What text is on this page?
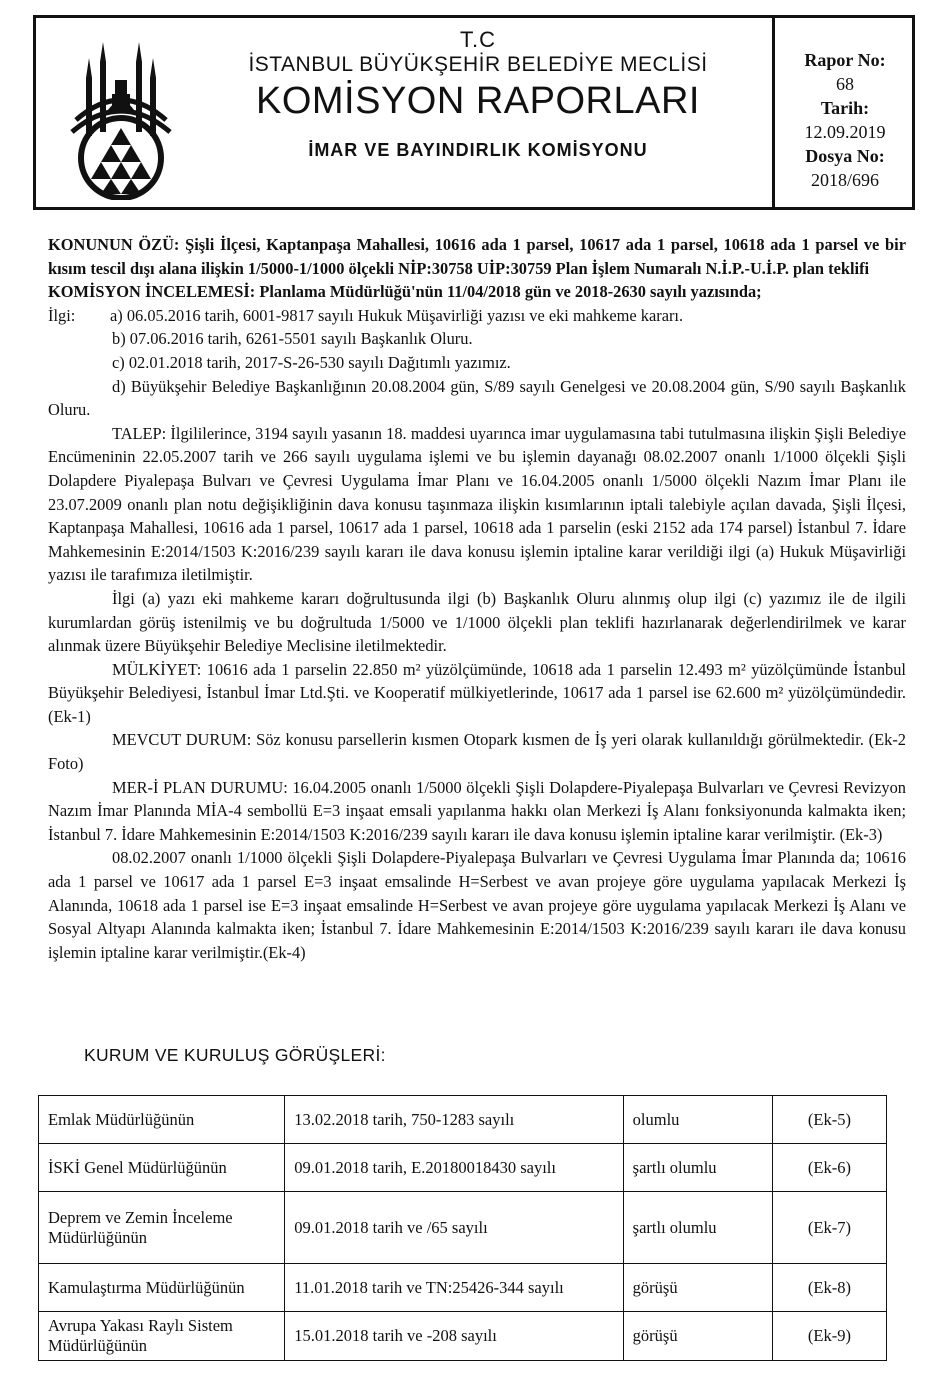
T.C
İSTANBUL BÜYÜKŞEHİR BELEDİYE MECLİSİ
KOMİSYON RAPORLARI
İMAR VE BAYINDIRLIK KOMİSYONU
Rapor No:
68
Tarih:
12.09.2019
Dosya No:
2018/696

KONUNUN ÖZÜ: Şişli İlçesi, Kaptanpaşa Mahallesi, 10616 ada 1 parsel, 10617 ada 1 parsel, 10618 ada 1 parsel ve bir kısım tescil dışı alana ilişkin 1/5000-1/1000 ölçekli NİP:30758 UİP:30759 Plan İşlem Numaralı N.İ.P.-U.İ.P. plan teklifi

KOMİSYON İNCELEMESİ: Planlama Müdürlüğü'nün 11/04/2018 gün ve 2018-2630 sayılı yazısında;

İlgi:	a) 06.05.2016 tarih, 6001-9817 sayılı Hukuk Müşavirliği yazısı ve eki mahkeme kararı.

b) 07.06.2016 tarih, 6261-5501 sayılı Başkanlık Oluru.

c) 02.01.2018 tarih, 2017-S-26-530 sayılı Dağıtımlı yazımız.

d) Büyükşehir Belediye Başkanlığının 20.08.2004 gün, S/89 sayılı Genelgesi ve 20.08.2004 gün, S/90 sayılı Başkanlık Oluru.

TALEP: İlgililerince, 3194 sayılı yasanın 18. maddesi uyarınca imar uygulamasına tabi tutulmasına ilişkin Şişli Belediye Encümeninin 22.05.2007 tarih ve 266 sayılı uygulama işlemi ve bu işlemin dayanağı 08.02.2007 onanlı 1/1000 ölçekli Şişli Dolapdere Piyalepaşa Bulvarı ve Çevresi Uygulama İmar Planı ve 16.04.2005 onanlı 1/5000 ölçekli Nazım İmar Planı ile 23.07.2009 onanlı plan notu değişikliğinin dava konusu taşınmaza ilişkin kısımlarının iptali talebiyle açılan davada, Şişli İlçesi, Kaptanpaşa Mahallesi, 10616 ada 1 parsel, 10617 ada 1 parsel, 10618 ada 1 parselin (eski 2152 ada 174 parsel) İstanbul 7. İdare Mahkemesinin E:2014/1503 K:2016/239 sayılı kararı ile dava konusu işlemin iptaline karar verildiği ilgi (a) Hukuk Müşavirliği yazısı ile tarafımıza iletilmiştir.

İlgi (a) yazı eki mahkeme kararı doğrultusunda ilgi (b) Başkanlık Oluru alınmış olup ilgi (c) yazımız ile de ilgili kurumlardan görüş istenilmiş ve bu doğrultuda 1/5000 ve 1/1000 ölçekli plan teklifi hazırlanarak değerlendirilmek ve karar alınmak üzere Büyükşehir Belediye Meclisine iletilmektedir.

MÜLKİYET: 10616 ada 1 parselin 22.850 m² yüzölçümünde, 10618 ada 1 parselin 12.493 m² yüzölçümünde İstanbul Büyükşehir Belediyesi, İstanbul İmar Ltd.Şti. ve Kooperatif mülkiyetlerinde, 10617 ada 1 parsel ise 62.600 m² yüzölçümündedir. (Ek-1)

MEVCUT DURUM: Söz konusu parsellerin kısmen Otopark kısmen de İş yeri olarak kullanıldığı görülmektedir. (Ek-2 Foto)

MER-İ PLAN DURUMU: 16.04.2005 onanlı 1/5000 ölçekli Şişli Dolapdere-Piyalepaşa Bulvarları ve Çevresi Revizyon Nazım İmar Planında MİA-4 sembollü E=3 inşaat emsali yapılanma hakkı olan Merkezi İş Alanı fonksiyonunda kalmakta iken; İstanbul 7. İdare Mahkemesinin E:2014/1503 K:2016/239 sayılı kararı ile dava konusu işlemin iptaline karar verilmiştir. (Ek-3)

08.02.2007 onanlı 1/1000 ölçekli Şişli Dolapdere-Piyalepaşa Bulvarları ve Çevresi Uygulama İmar Planında da; 10616 ada 1 parsel ve 10617 ada 1 parsel E=3 inşaat emsalinde H=Serbest ve avan projeye göre uygulama yapılacak Merkezi İş Alanında, 10618 ada 1 parsel ise E=3 inşaat emsalinde H=Serbest ve avan projeye göre uygulama yapılacak Merkezi İş Alanı ve Sosyal Altyapı Alanında kalmakta iken; İstanbul 7. İdare Mahkemesinin E:2014/1503 K:2016/239 sayılı kararı ile dava konusu işlemin iptaline karar verilmiştir.(Ek-4)

KURUM VE KURULUŞ GÖRÜŞLERİ:
Emlak Müdürlüğünün	13.02.2018 tarih, 750-1283 sayılı	olumlu	(Ek-5)
İSKİ Genel Müdürlüğünün	09.01.2018 tarih, E.20180018430 sayılı	şartlı olumlu	(Ek-6)
Deprem ve Zemin İnceleme Müdürlüğünün	09.01.2018 tarih ve /65 sayılı	şartlı olumlu	(Ek-7)
Kamulaştırma Müdürlüğünün	11.01.2018 tarih ve TN:25426-344 sayılı	görüşü	(Ek-8)
Avrupa Yakası Raylı Sistem Müdürlüğünün	15.01.2018 tarih ve -208 sayılı	görüşü	(Ek-9)
